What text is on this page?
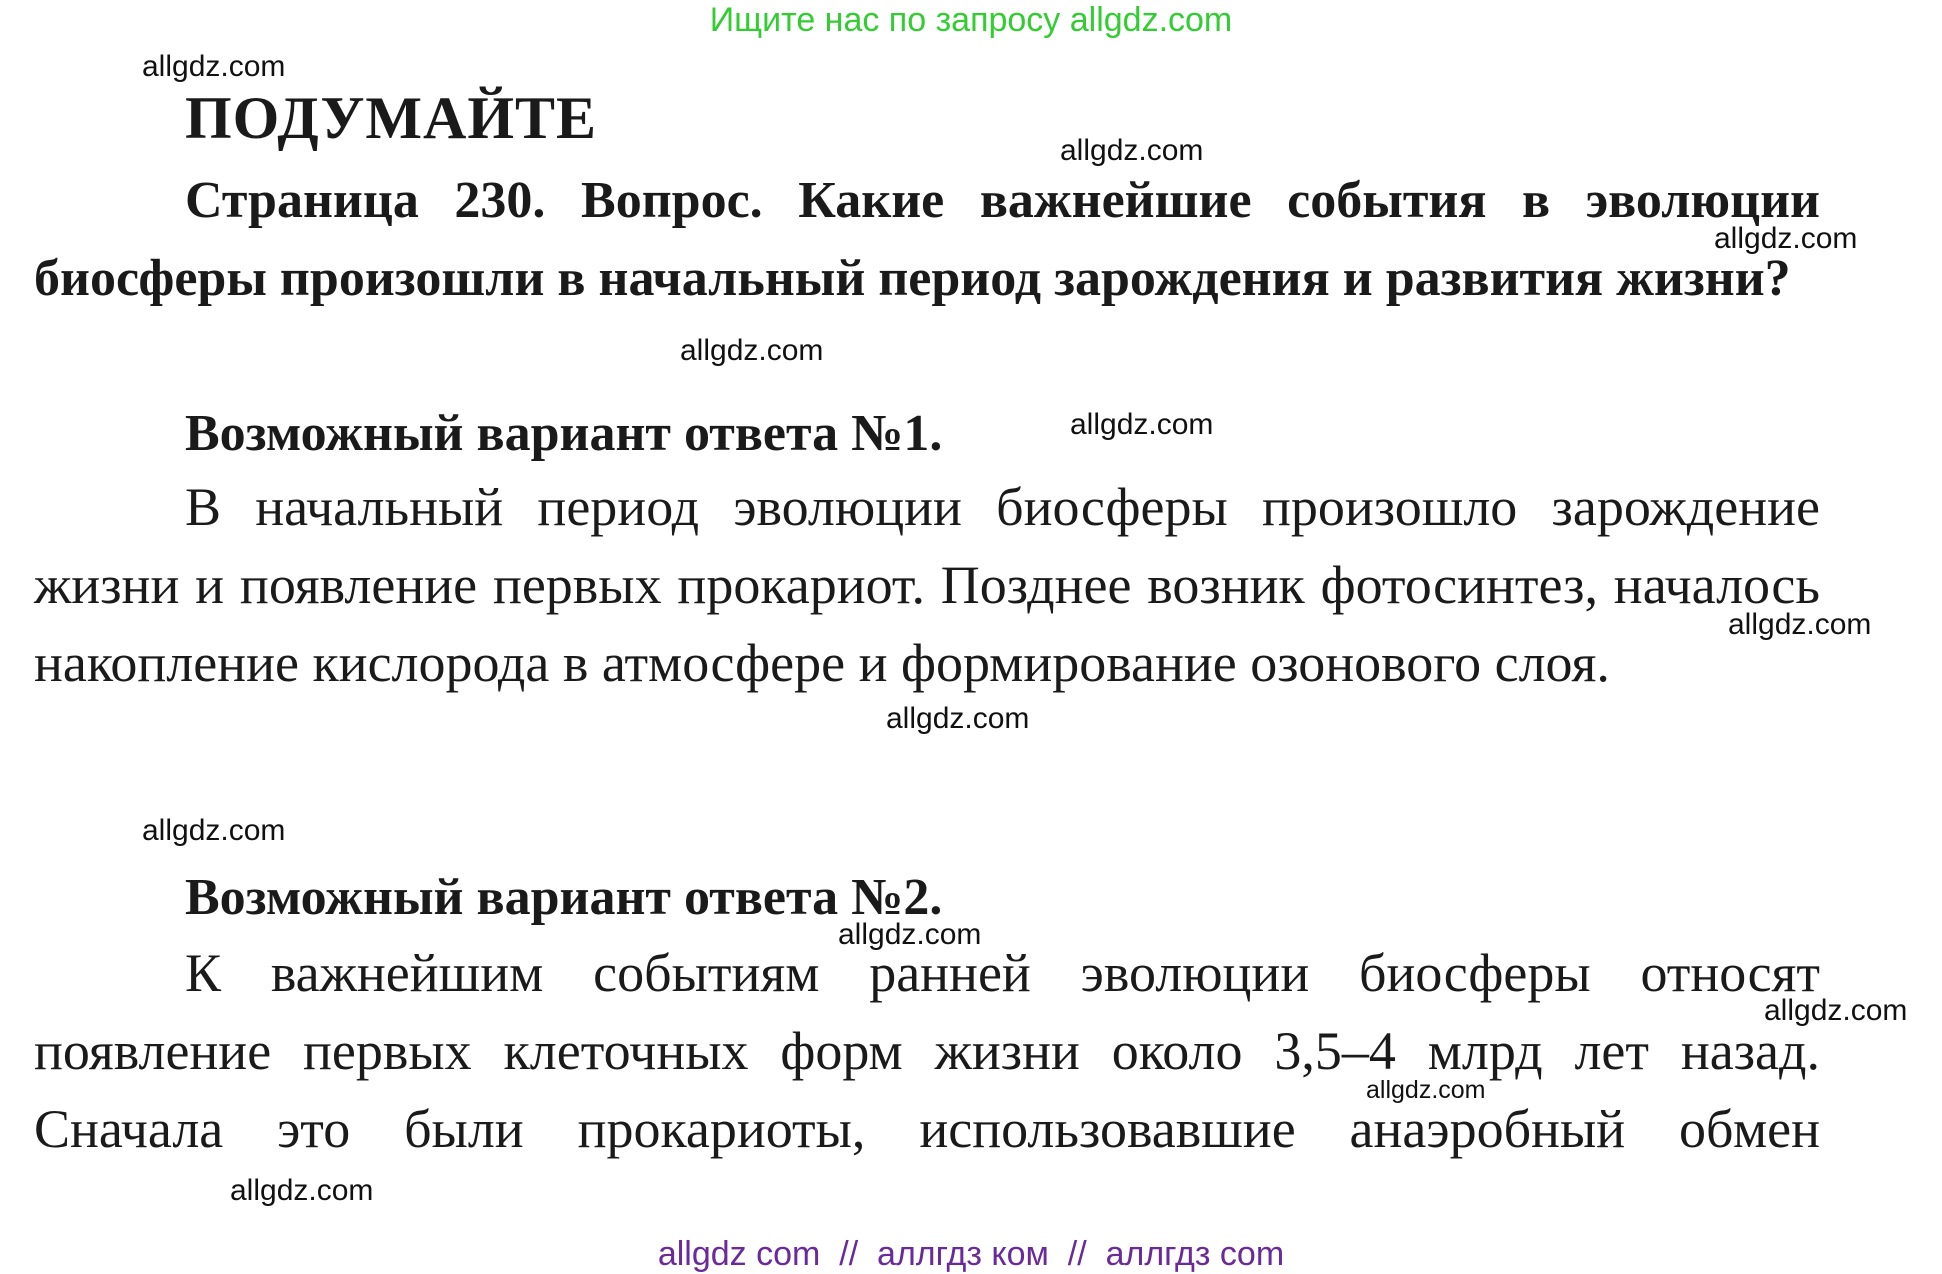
Ищите нас по запросу allgdz.com
ПОДУМАЙТЕ
Страница 230. Вопрос. Какие важнейшие события в эволюции биосферы произошли в начальный период зарождения и развития жизни?
Возможный вариант ответа №1.
В начальный период эволюции биосферы произошло зарождение жизни и появление первых прокариот. Позднее возник фотосинтез, началось накопление кислорода в атмосфере и формирование озонового слоя.
Возможный вариант ответа №2.
К важнейшим событиям ранней эволюции биосферы относят появление первых клеточных форм жизни около 3,5–4 млрд лет назад. Сначала это были прокариоты, использовавшие анаэробный обмен
allgdz.com
allgdz.com
allgdz.com
allgdz.com
allgdz.com
allgdz.com
allgdz.com
allgdz.com
allgdz.com
allgdz.com
allgdz.com
allgdz.com
allgdz com  //  аллгдз ком  //  аллгдз com
